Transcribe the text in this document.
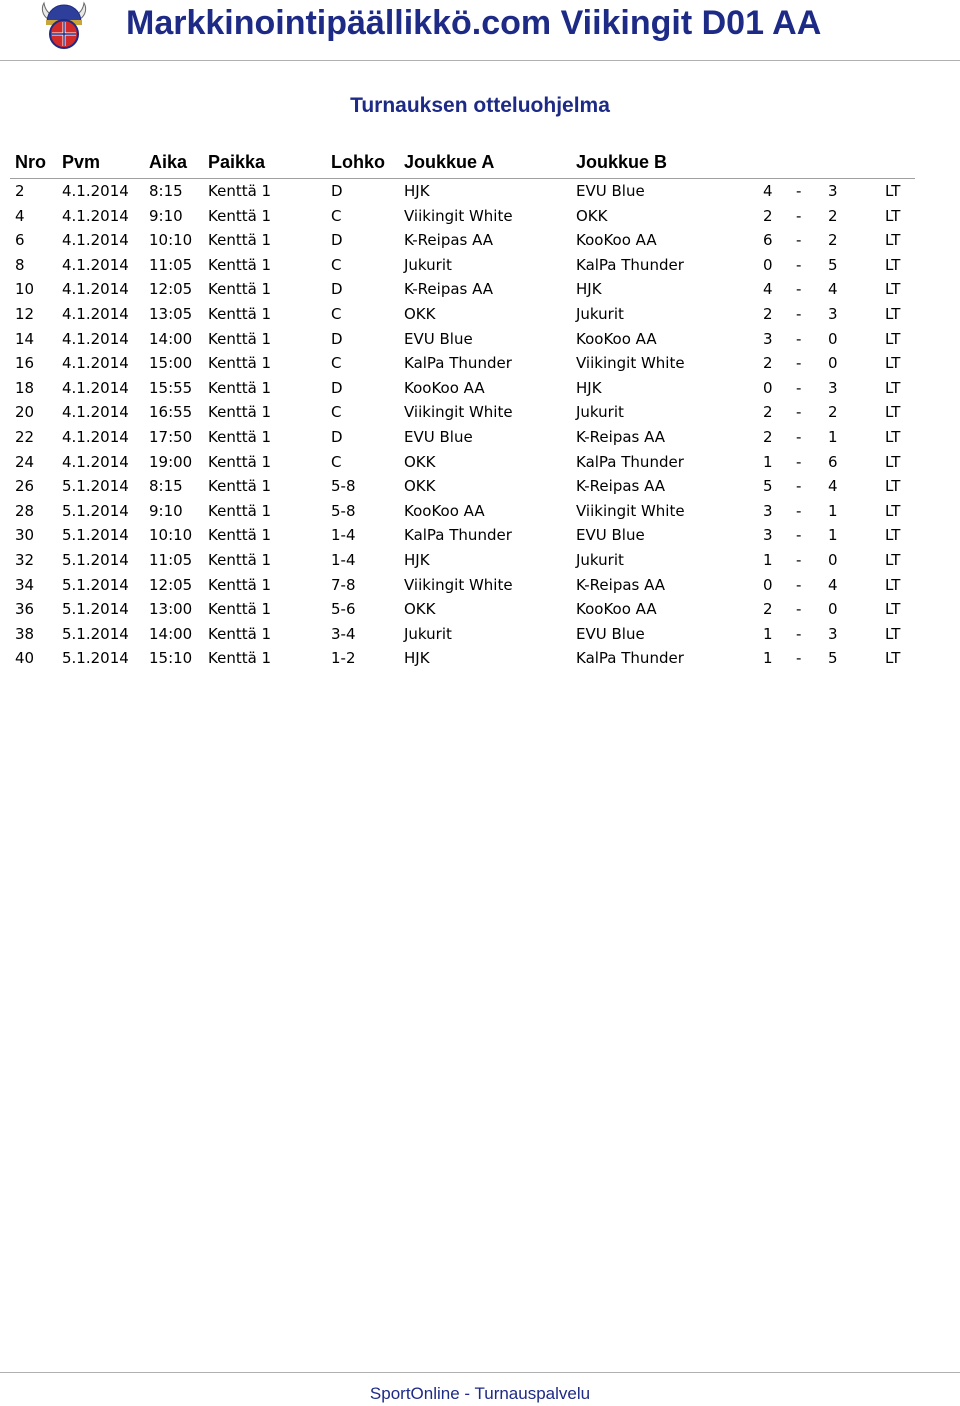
Markkinointipäällikkö.com Viikingit D01 AA
Turnauksen otteluohjelma
Nro Pvm	Aika Paikka	Lohko Joukkue A	Joukkue B
2 4.1.2014 8:15 Kenttä 1	D	HJK	EVU Blue	4 - 3	LT
4 4.1.2014 9:10 Kenttä 1	C	Viikingit White	OKK	2 - 2	LT
6 4.1.2014 10:10 Kenttä 1	D	K-Reipas AA	KooKoo AA	6 - 2	LT
8 4.1.2014 11:05 Kenttä 1	C	Jukurit	KalPa Thunder	0 - 5	LT
10 4.1.2014 12:05 Kenttä 1	D	K-Reipas AA	HJK	4 - 4	LT
12 4.1.2014 13:05 Kenttä 1	C	OKK	Jukurit	2 - 3	LT
14 4.1.2014 14:00 Kenttä 1	D	EVU Blue	KooKoo AA	3 - 0	LT
16 4.1.2014 15:00 Kenttä 1	C	KalPa Thunder	Viikingit White	2 - 0	LT
18 4.1.2014 15:55 Kenttä 1	D	KooKoo AA	HJK	0 - 3	LT
20 4.1.2014 16:55 Kenttä 1	C	Viikingit White	Jukurit	2 - 2	LT
22 4.1.2014 17:50 Kenttä 1	D	EVU Blue	K-Reipas AA	2 - 1	LT
24 4.1.2014 19:00 Kenttä 1	C	OKK	KalPa Thunder	1 - 6	LT
26 5.1.2014 8:15 Kenttä 1	5-8	OKK	K-Reipas AA	5 - 4	LT
28 5.1.2014 9:10 Kenttä 1	5-8	KooKoo AA	Viikingit White	3 - 1	LT
30 5.1.2014 10:10 Kenttä 1	1-4	KalPa Thunder	EVU Blue	3 - 1	LT
32 5.1.2014 11:05 Kenttä 1	1-4	HJK	Jukurit	1 - 0	LT
34 5.1.2014 12:05 Kenttä 1	7-8	Viikingit White	K-Reipas AA	0 - 4	LT
36 5.1.2014 13:00 Kenttä 1	5-6	OKK	KooKoo AA	2 - 0	LT
38 5.1.2014 14:00 Kenttä 1	3-4	Jukurit	EVU Blue	1 - 3	LT
40 5.1.2014 15:10 Kenttä 1	1-2	HJK	KalPa Thunder	1 - 5	LT
SportOnline - Turnauspalvelu
